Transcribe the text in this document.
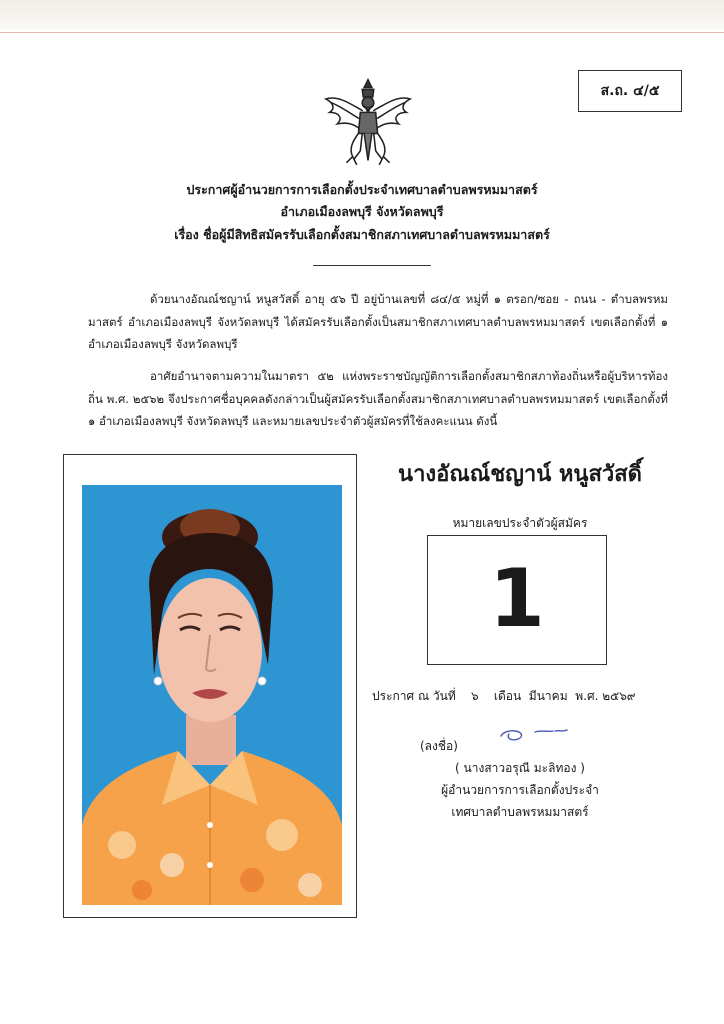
ส.ถ. ๔/๕
ประกาศผู้อำนวยการการเลือกตั้งประจำเทศบาลตำบลพรหมมาสตร์
อำเภอเมืองลพบุรี จังหวัดลพบุรี
เรื่อง ชื่อผู้มีสิทธิสมัครรับเลือกตั้งสมาชิกสภาเทศบาลตำบลพรหมมาสตร์
ด้วยนางอัณณ์ชญาน์ หนูสวัสดิ์ อายุ ๕๖ ปี อยู่บ้านเลขที่ ๘๔/๕ หมู่ที่ ๑ ตรอก/ซอย - ถนน - ตำบลพรหมมาสตร์ อำเภอเมืองลพบุรี จังหวัดลพบุรี ได้สมัครรับเลือกตั้งเป็นสมาชิกสภาเทศบาลตำบลพรหมมาสตร์ เขตเลือกตั้งที่ ๑ อำเภอเมืองลพบุรี จังหวัดลพบุรี
อาศัยอำนาจตามความในมาตรา ๕๒ แห่งพระราชบัญญัติการเลือกตั้งสมาชิกสภาท้องถิ่นหรือผู้บริหารท้องถิ่น พ.ศ. ๒๕๖๒ จึงประกาศชื่อบุคคลดังกล่าวเป็นผู้สมัครรับเลือกตั้งสมาชิกสภาเทศบาลตำบลพรหมมาสตร์ เขตเลือกตั้งที่ ๑ อำเภอเมืองลพบุรี จังหวัดลพบุรี และหมายเลขประจำตัวผู้สมัครที่ใช้ลงคะแนน ดังนี้
นางอัณณ์ชญาน์ หนูสวัสดิ์
หมายเลขประจำตัวผู้สมัคร
1
ประกาศ ณ วันที่    ๖    เดือน  มีนาคม  พ.ศ. ๒๕๖๙
(ลงชื่อ)
( นางสาวอรุณี มะลิทอง )
ผู้อำนวยการการเลือกตั้งประจำ
เทศบาลตำบลพรหมมาสตร์
